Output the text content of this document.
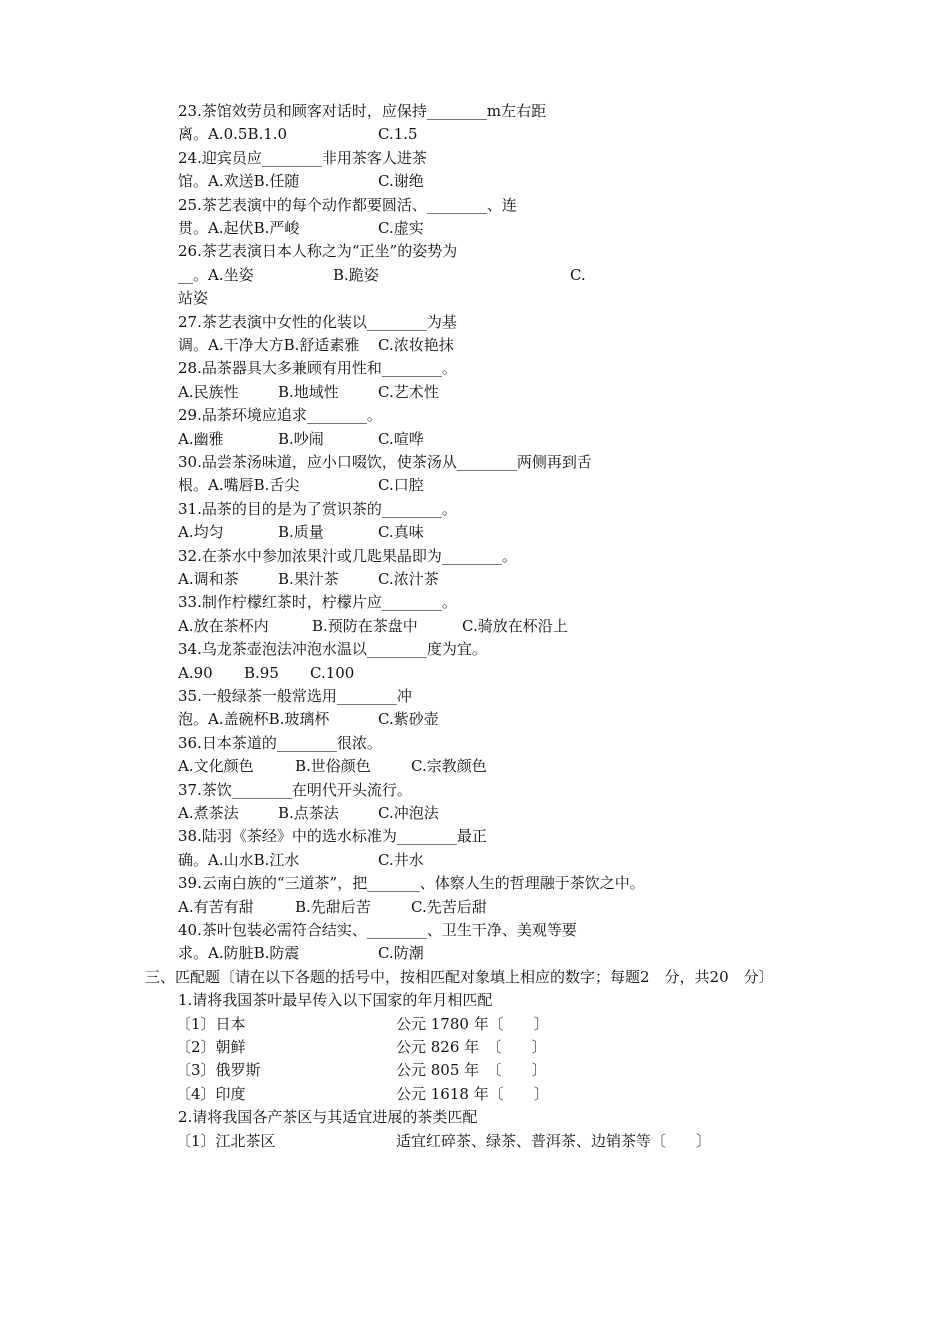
23.茶馆效劳员和顾客对话时，应保持________m左右距
离。A.0.5B.1.0	C.1.5
24.迎宾员应________非用茶客人进茶
馆。A.欢送B.任随	C.谢绝
25.茶艺表演中的每个动作都要圆活、________、连
贯。A.起伏B.严峻	C.虚实
26.茶艺表演日本人称之为“正坐”的姿势为
__。A.坐姿	B.跪姿	C.
站姿
27.茶艺表演中女性的化装以________为基
调。A.干净大方B.舒适素雅 C.浓妆艳抹
28.品茶器具大多兼顾有用性和________。
A.民族性	B.地域性	C.艺术性
29.品茶环境应追求________。
A.幽雅	B.吵闹	C.喧哗
30.品尝茶汤味道，应小口啜饮，使茶汤从________两侧再到舌
根。A.嘴唇B.舌尖	C.口腔
31.品茶的目的是为了赏识茶的________。
A.均匀	B.质量	C.真味
32.在茶水中参加浓果汁或几匙果晶即为________。
A.调和茶	B.果汁茶	C.浓汁茶
33.制作柠檬红茶时，柠檬片应________。
A.放在茶杯内	B.预防在茶盘中	C.骑放在杯沿上
34.乌龙茶壶泡法冲泡水温以________度为宜。
A.90 B.95 C.100
35.一般绿茶一般常选用________冲
泡。A.盖碗杯B.玻璃杯	C.紫砂壶
36.日本茶道的________很浓。
A.文化颜色	B.世俗颜色	C.宗教颜色
37.茶饮________在明代开头流行。
A.煮茶法	B.点茶法	C.冲泡法
38.陆羽《茶经》中的选水标准为________最正
确。A.山水B.江水	C.井水
39.云南白族的“三道茶”，把_______、体察人生的哲理融于茶饮之中。
A.有苦有甜	B.先甜后苦	C.先苦后甜
40.茶叶包装必需符合结实、________、卫生干净、美观等要
求。A.防脏B.防震	C.防潮
三、匹配题〔请在以下各题的括号中，按相匹配对象填上相应的数字；每题2　分，共20　分〕
1.请将我国茶叶最早传入以下国家的年月相匹配
〔1〕日本	公元 1780 年〔　　〕
〔2〕朝鲜	公元 826 年　〔　　〕
〔3〕俄罗斯	公元 805 年　〔　　〕
〔4〕印度	公元 1618 年〔　　〕
2.请将我国各产茶区与其适宜进展的茶类匹配
〔1〕江北茶区	适宜红碎茶、绿茶、普洱茶、边销茶等〔　　〕
